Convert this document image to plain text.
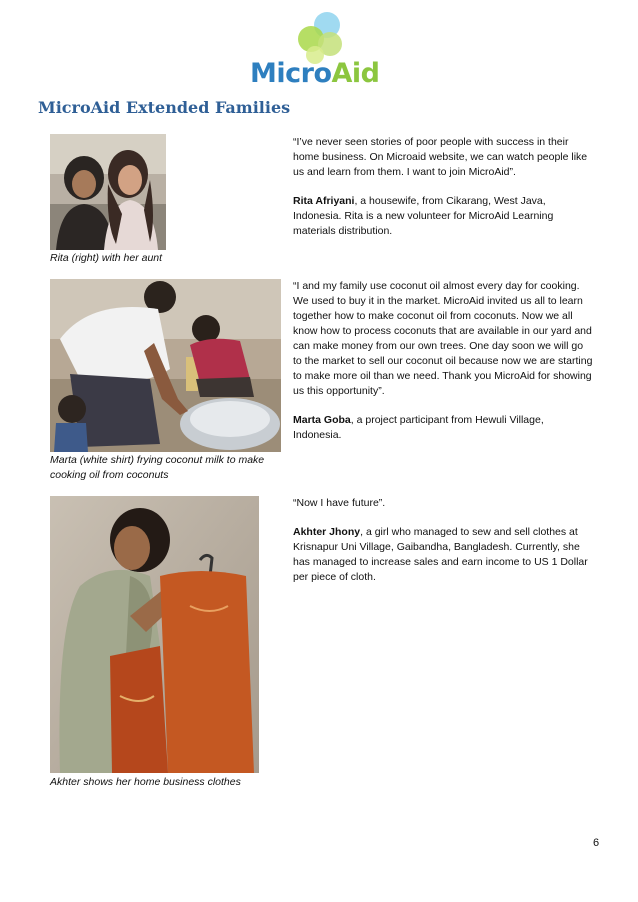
MicroAid
MicroAid Extended Families
Rita (right) with her aunt

“I’ve never seen stories of poor people with success in their home business. On Microaid website, we can watch people like us and learn from them. I want to join MicroAid”.

Rita Afriyani, a housewife, from Cikarang, West Java, Indonesia. Rita is a new volunteer for MicroAid Learning materials distribution.

Marta (white shirt) frying coconut milk to make cooking oil from coconuts

“I and my family use coconut oil almost every day for cooking. We used to buy it in the market. MicroAid invited us all to learn together how to make coconut oil from coconuts. Now we all know how to process coconuts that are available in our yard and can make money from our own trees. One day soon we will go to the market to sell our coconut oil because now we are starting to make more oil than we need. Thank you MicroAid for showing us this opportunity”.

Marta Goba, a project participant from Hewuli Village, Indonesia.

Akhter shows her home business clothes

“Now I have future”.

Akhter Jhony, a girl who managed to sew and sell clothes at Krisnapur Uni Village, Gaibandha, Bangladesh. Currently, she has managed to increase sales and earn income to US 1 Dollar per piece of cloth.

6
